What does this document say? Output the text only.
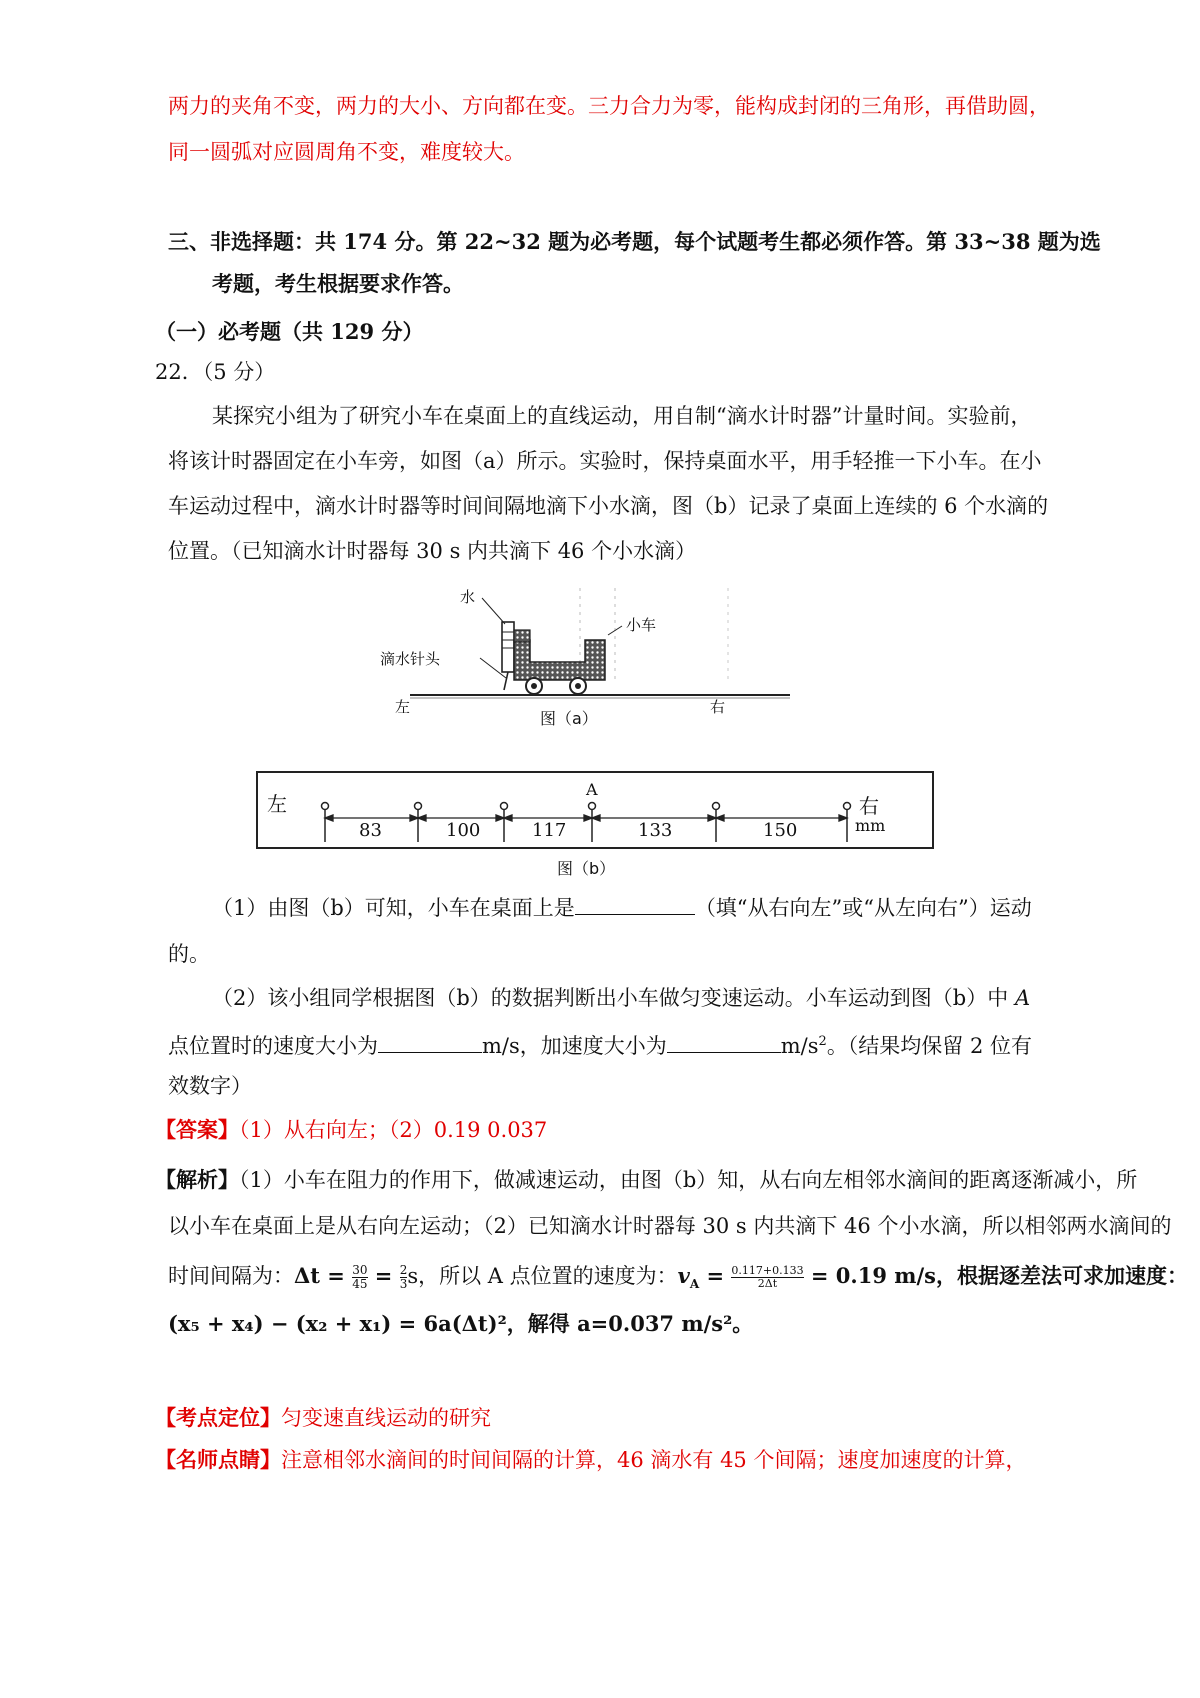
两力的夹角不变，两力的大小、方向都在变。三力合力为零，能构成封闭的三角形，再借助圆，
同一圆弧对应圆周角不变，难度较大。
三、非选择题：共 174 分。第 22~32 题为必考题，每个试题考生都必须作答。第 33~38 题为选
考题，考生根据要求作答。
（一）必考题（共 129 分）
22．（5 分）
某探究小组为了研究小车在桌面上的直线运动，用自制“滴水计时器”计量时间。实验前，
将该计时器固定在小车旁，如图（a）所示。实验时，保持桌面水平，用手轻推一下小车。在小
车运动过程中，滴水计时器等时间间隔地滴下小水滴，图（b）记录了桌面上连续的 6 个水滴的
位置。（已知滴水计时器每 30 s 内共滴下 46 个小水滴）
水
小车
滴水针头
左	右
图（a）
左	右
mm
A
83	100	117	133	150
图（b）
（1）由图（b）可知，小车在桌面上是	（填“从右向左”或“从左向右”）运动
的。
（2）该小组同学根据图（b）的数据判断出小车做匀变速运动。小车运动到图（b）中 A
点位置时的速度大小为	m/s，加速度大小为	$m/s^2$。（结果均保留 2 位有
效数字）
【答案】（1）从右向左；（2）0.19 0.037
【解析】（1）小车在阻力的作用下，做减速运动，由图（b）知，从右向左相邻水滴间的距离逐渐减小，所
以小车在桌面上是从右向左运动；（2）已知滴水计时器每 30 s 内共滴下 46 个小水滴，所以相邻两水滴间的
时间间隔为：$\Delta t = \frac{30}{45} = \frac{2}{3}$ s，所以 A 点位置的速度为：$v_A = \frac{0.117+0.133}{2\Delta t} = 0.19$ m/s，根据逐差法可求加速度：
(x₅ + x₄) − (x₂ + x₁) = 6a(Δt)²，解得 a=0.037 m/s²。
【考点定位】匀变速直线运动的研究
【名师点睛】注意相邻水滴间的时间间隔的计算，46 滴水有 45 个间隔；速度加速度的计算，
